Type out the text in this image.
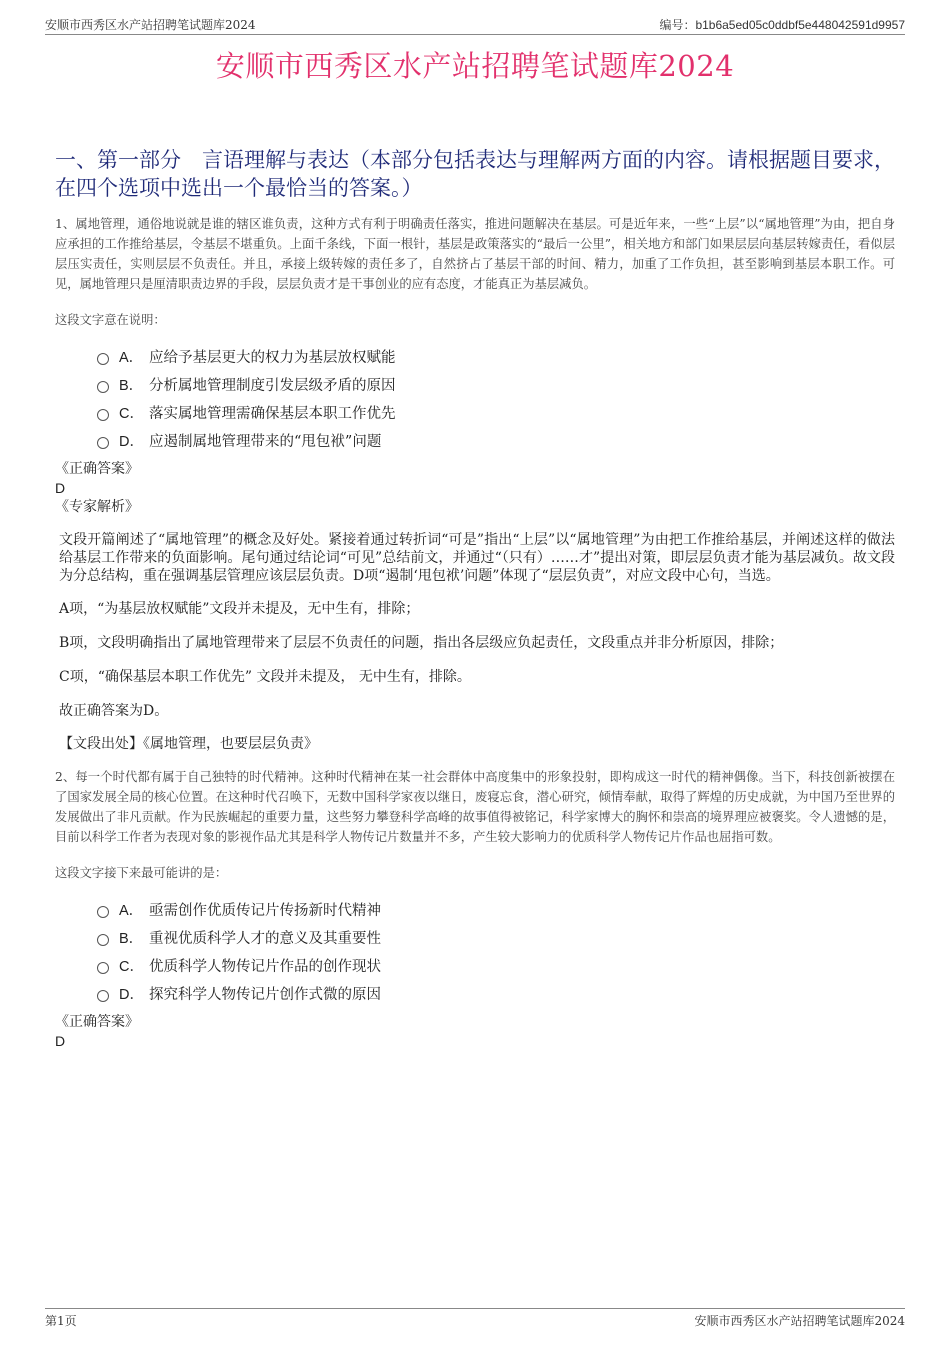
安顺市西秀区水产站招聘笔试题库2024	编号：b1b6a5ed05c0ddbf5e448042591d9957
安顺市西秀区水产站招聘笔试题库2024
一、第一部分　言语理解与表达（本部分包括表达与理解两方面的内容。请根据题目要求，在四个选项中选出一个最恰当的答案。）

1、属地管理，通俗地说就是谁的辖区谁负责，这种方式有利于明确责任落实，推进问题解决在基层。可是近年来，一些“上层”以“属地管理”为由，把自身应承担的工作推给基层，令基层不堪重负。上面千条线，下面一根针，基层是政策落实的“最后一公里”，相关地方和部门如果层层向基层转嫁责任，看似层层压实责任，实则层层不负责任。并且，承接上级转嫁的责任多了，自然挤占了基层干部的时间、精力，加重了工作负担，甚至影响到基层本职工作。可见，属地管理只是厘清职责边界的手段，层层负责才是干事创业的应有态度，才能真正为基层减负。

这段文字意在说明：

A． 应给予基层更大的权力为基层放权赋能
B． 分析属地管理制度引发层级矛盾的原因
C． 落实属地管理需确保基层本职工作优先
D． 应遏制属地管理带来的“甩包袱”问题

《正确答案》

D

《专家解析》

文段开篇阐述了“属地管理”的概念及好处。紧接着通过转折词“可是”指出“上层”以“属地管理”为由把工作推给基层，并阐述这样的做法给基层工作带来的负面影响。尾句通过结论词“可见”总结前文，并通过“（只有）……才”提出对策，即层层负责才能为基层减负。故文段为分总结构，重在强调基层管理应该层层负责。D项“遏制‘甩包袱’问题”体现了“层层负责”，对应文段中心句，当选。

A项，“为基层放权赋能”文段并未提及，无中生有，排除；

B项，文段明确指出了属地管理带来了层层不负责任的问题，指出各层级应负起责任，文段重点并非分析原因，排除；

C项，“确保基层本职工作优先” 文段并未提及， 无中生有，排除。

故正确答案为D。

【文段出处】《属地管理，也要层层负责》

2、每一个时代都有属于自己独特的时代精神。这种时代精神在某一社会群体中高度集中的形象投射，即构成这一时代的精神偶像。当下，科技创新被摆在了国家发展全局的核心位置。在这种时代召唤下，无数中国科学家夜以继日，废寝忘食，潜心研究，倾情奉献，取得了辉煌的历史成就，为中国乃至世界的发展做出了非凡贡献。作为民族崛起的重要力量，这些努力攀登科学高峰的故事值得被铭记，科学家博大的胸怀和崇高的境界理应被褒奖。令人遗憾的是，目前以科学工作者为表现对象的影视作品尤其是科学人物传记片数量并不多，产生较大影响力的优质科学人物传记片作品也屈指可数。

这段文字接下来最可能讲的是：

A． 亟需创作优质传记片传扬新时代精神
B． 重视优质科学人才的意义及其重要性
C． 优质科学人物传记片作品的创作现状
D． 探究科学人物传记片创作式微的原因

《正确答案》

D

第1页	安顺市西秀区水产站招聘笔试题库2024
